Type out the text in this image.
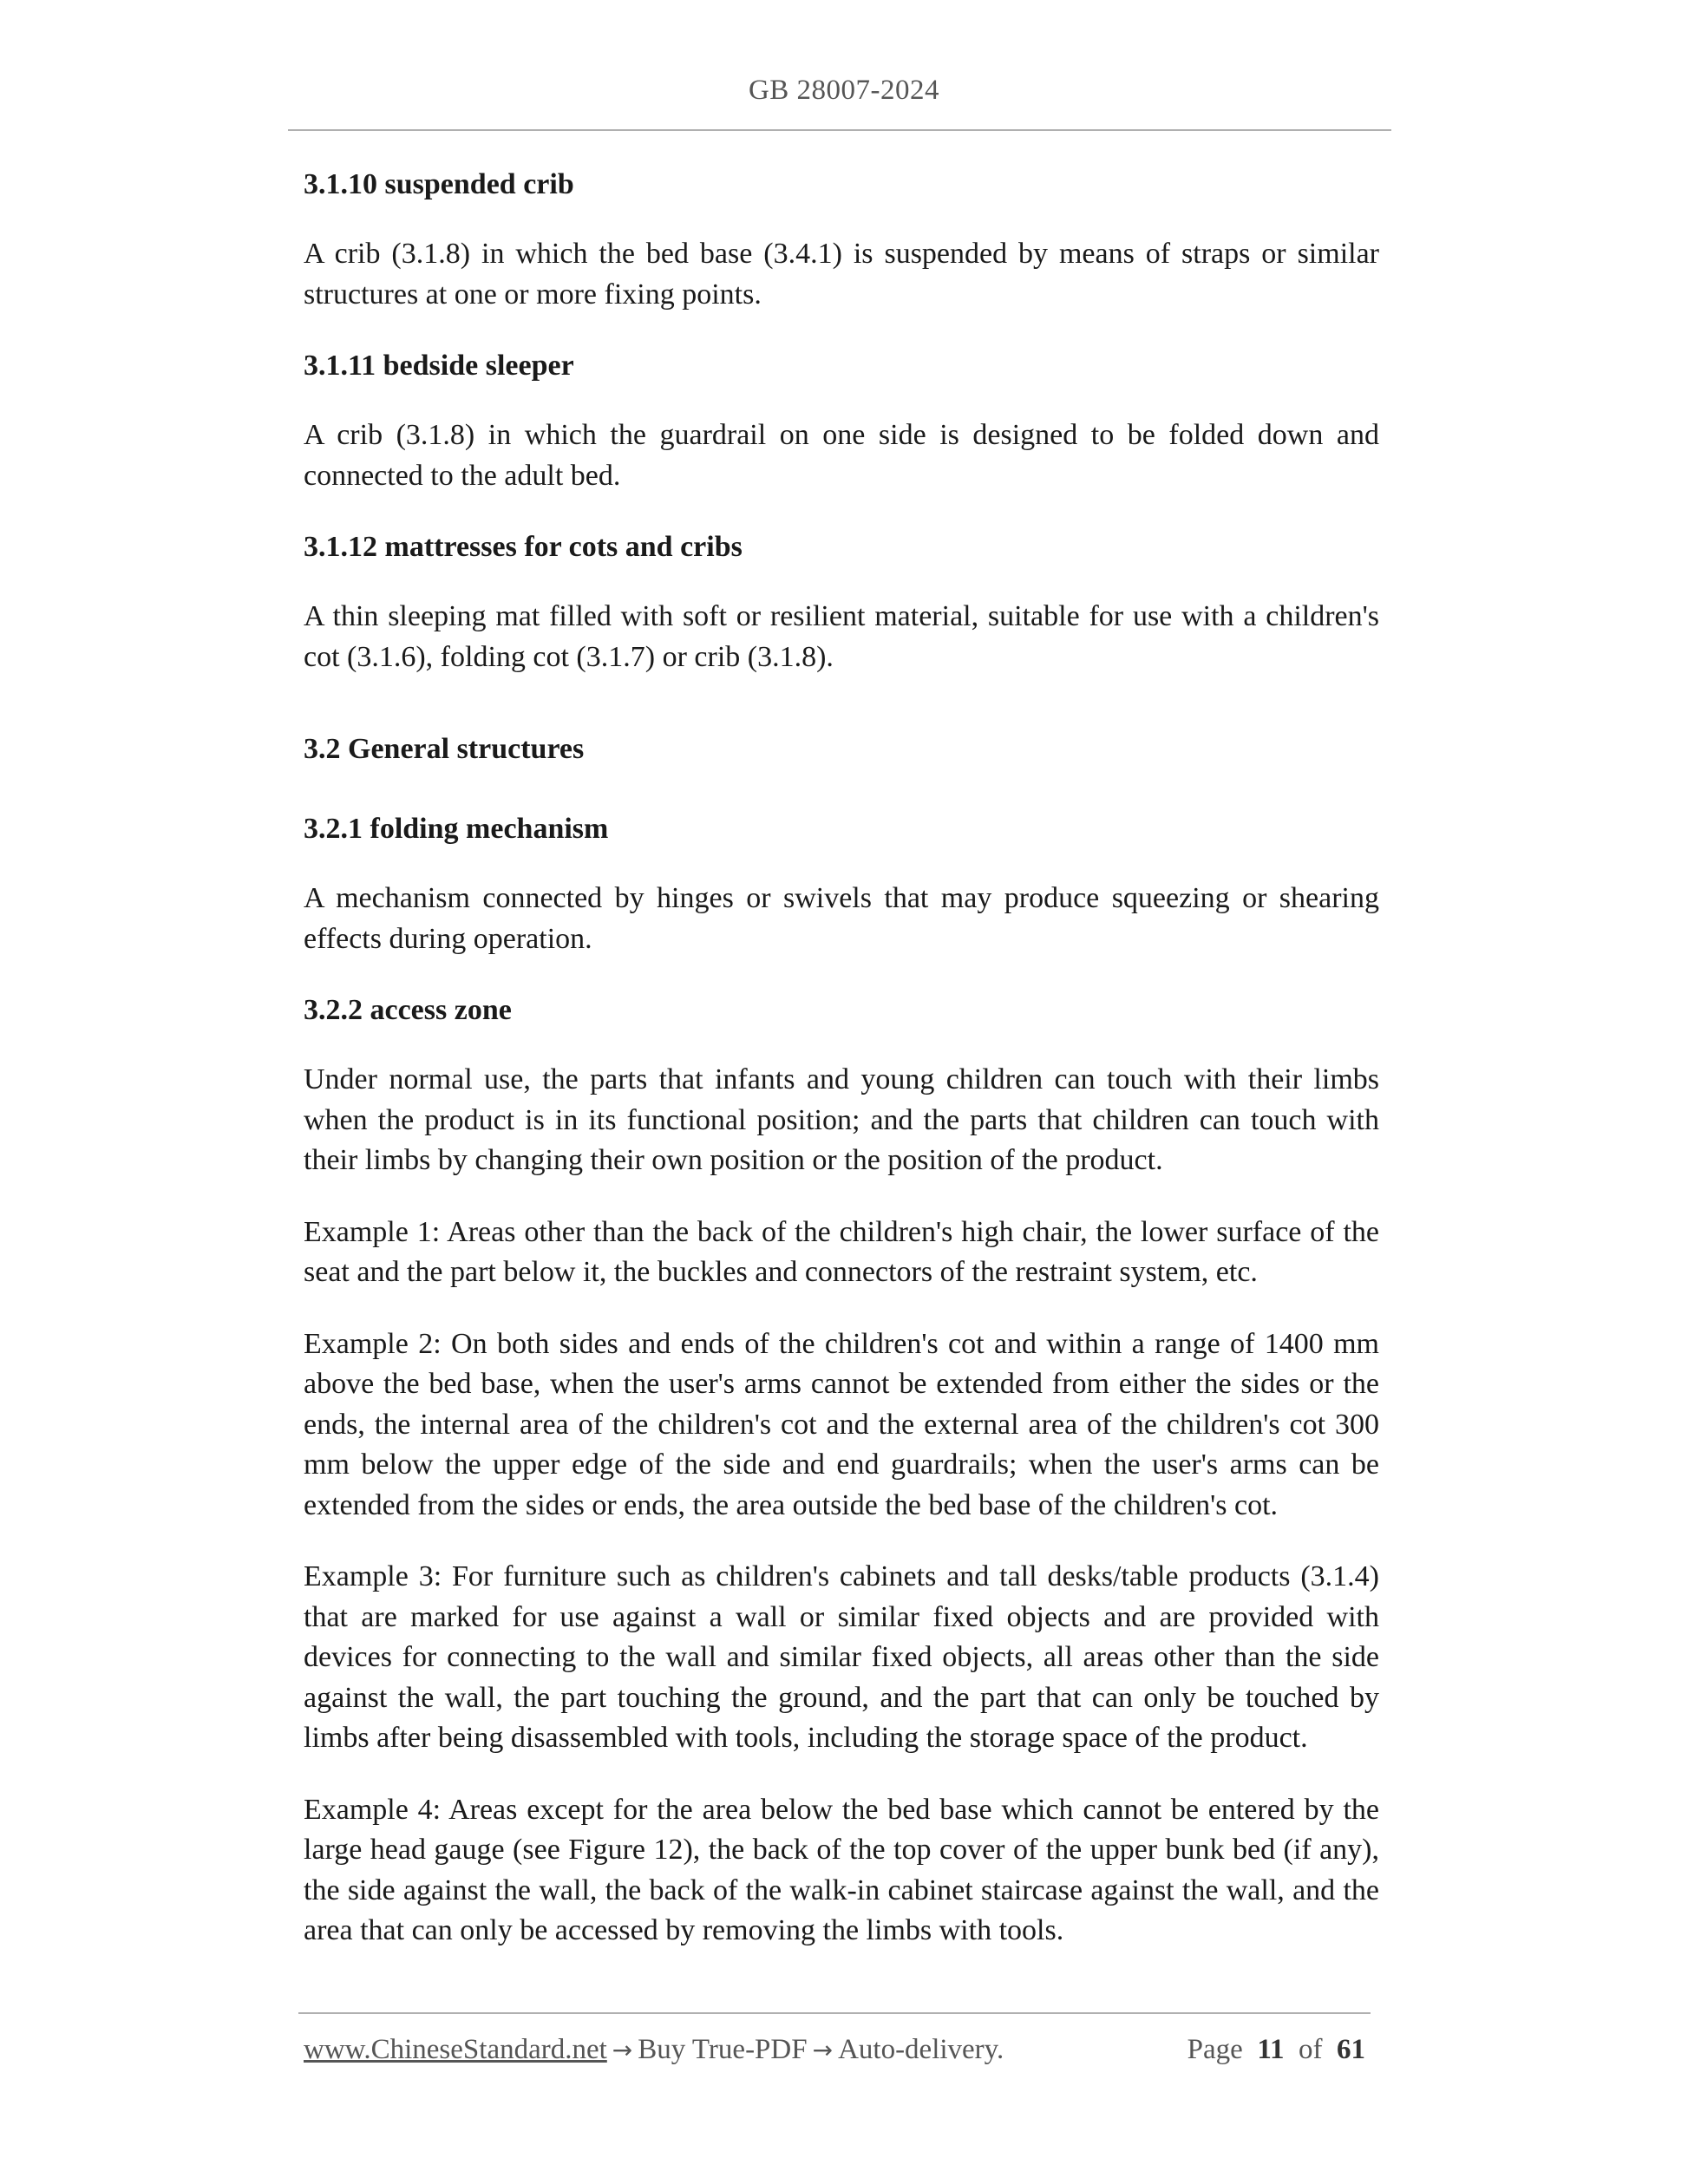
GB 28007-2024
3.1.10 suspended crib

A crib (3.1.8) in which the bed base (3.4.1) is suspended by means of straps or similar structures at one or more fixing points.

3.1.11 bedside sleeper

A crib (3.1.8) in which the guardrail on one side is designed to be folded down and connected to the adult bed.

3.1.12 mattresses for cots and cribs

A thin sleeping mat filled with soft or resilient material, suitable for use with a children's cot (3.1.6), folding cot (3.1.7) or crib (3.1.8).

3.2 General structures
3.2.1 folding mechanism

A mechanism connected by hinges or swivels that may produce squeezing or shearing effects during operation.

3.2.2 access zone

Under normal use, the parts that infants and young children can touch with their limbs when the product is in its functional position; and the parts that children can touch with their limbs by changing their own position or the position of the product.

Example 1: Areas other than the back of the children's high chair, the lower surface of the seat and the part below it, the buckles and connectors of the restraint system, etc.

Example 2: On both sides and ends of the children's cot and within a range of 1400 mm above the bed base, when the user's arms cannot be extended from either the sides or the ends, the internal area of the children's cot and the external area of the children's cot 300 mm below the upper edge of the side and end guardrails; when the user's arms can be extended from the sides or ends, the area outside the bed base of the children's cot.

Example 3: For furniture such as children's cabinets and tall desks/table products (3.1.4) that are marked for use against a wall or similar fixed objects and are provided with devices for connecting to the wall and similar fixed objects, all areas other than the side against the wall, the part touching the ground, and the part that can only be touched by limbs after being disassembled with tools, including the storage space of the product.

Example 4: Areas except for the area below the bed base which cannot be entered by the large head gauge (see Figure 12), the back of the top cover of the upper bunk bed (if any), the side against the wall, the back of the walk-in cabinet staircase against the wall, and the area that can only be accessed by removing the limbs with tools.

www.ChineseStandard.net → Buy True-PDF → Auto-delivery.	Page 11 of 61
